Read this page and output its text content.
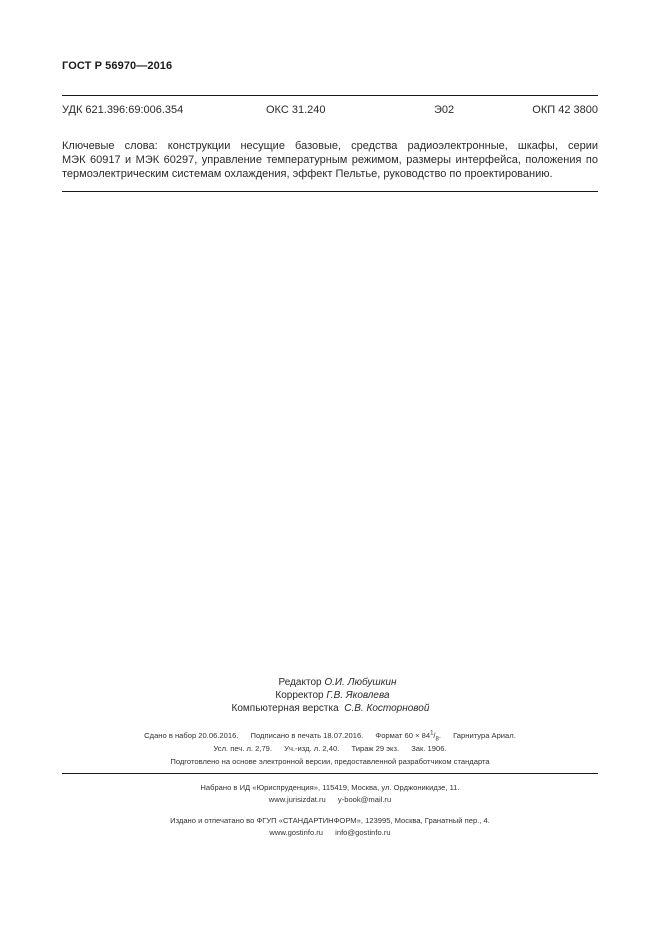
ГОСТ Р 56970—2016
УДК 621.396:69:006.354	ОКС 31.240	Э02	ОКП 42 3800
Ключевые слова: конструкции несущие базовые, средства радиоэлектронные, шкафы, серии
МЭК 60917 и МЭК 60297, управление температурным режимом, размеры интерфейса, положения по
термоэлектрическим системам охлаждения, эффект Пельтье, руководство по проектированию.
Редактор О.И. Любушкин
Корректор Г.В. Яковлева
Компьютерная верстка С.В. Косторновой
Сдано в набор 20.06.2016. Подписано в печать 18.07.2016. Формат $60 \times 84^1/_8$. Гарнитура Ариал.
Усл. печ. л. 2,79. Уч.-изд. л. 2,40. Тираж 29 экз. Зак. 1906.
Подготовлено на основе электронной версии, предоставленной разработчиком стандарта
Набрано в ИД «Юриспруденция», 115419, Москва, ул. Орджоникидзе, 11.
www.jurisizdat.ru y-book@mail.ru
Издано и отпечатано во ФГУП «СТАНДАРТИНФОРМ», 123995, Москва, Гранатный пер., 4.
www.gostinfo.ru info@gostinfo.ru
